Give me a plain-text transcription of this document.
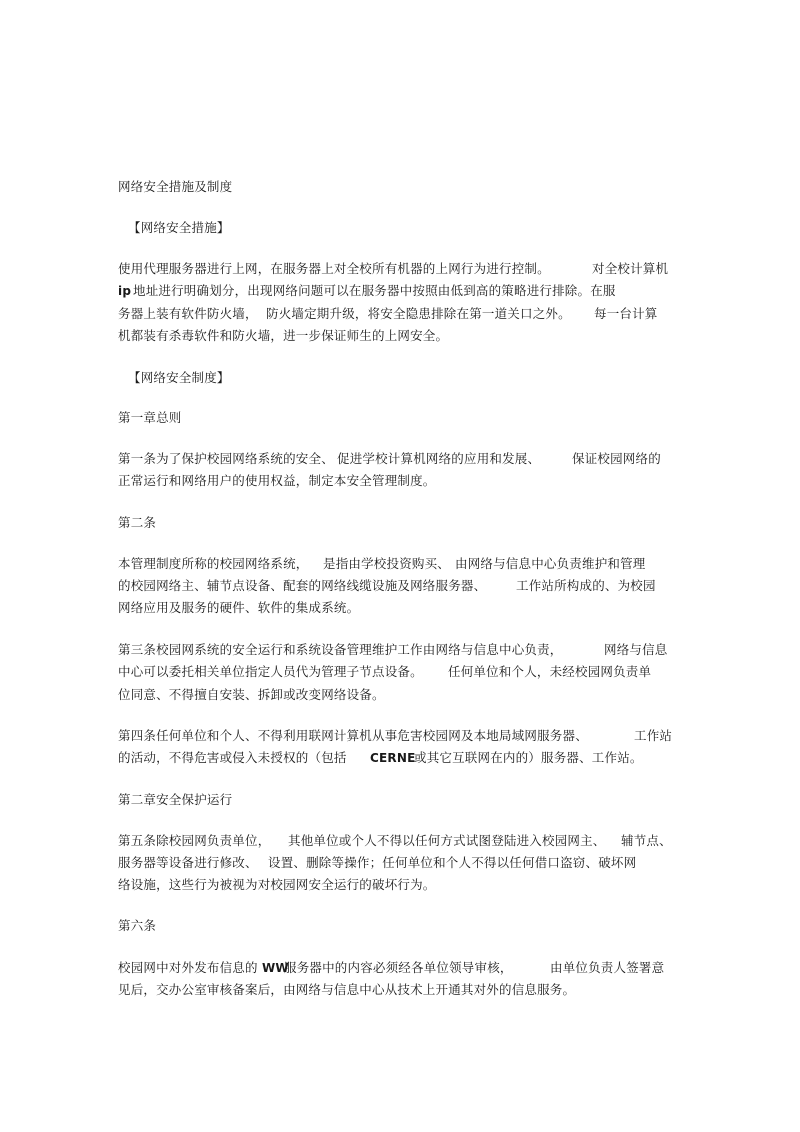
网络安全措施及制度
【网络安全措施】
使用代理服务器进行上网，在服务器上对全校所有机器的上网行为进行控制。	对全校计算机
ip 地址进行明确划分，出现网络问题可以在服务器中按照由低到高的策略进行排除。在服
务器上装有软件防火墙， 防火墙定期升级，将安全隐患排除在第一道关口之外。 每一台计算
机都装有杀毒软件和防火墙，进一步保证师生的上网安全。
【网络安全制度】
第一章总则
第一条为了保护校园网络系统的安全、 促进学校计算机网络的应用和发展、	保证校园网络的
正常运行和网络用户的使用权益，制定本安全管理制度。
第二条
本管理制度所称的校园网络系统， 是指由学校投资购买、 由网络与信息中心负责维护和管理
的校园网络主、辅节点设备、配套的网络线缆设施及网络服务器、 工作站所构成的、为校园
网络应用及服务的硬件、软件的集成系统。
第三条校园网系统的安全运行和系统设备管理维护工作由网络与信息中心负责，	网络与信息
中心可以委托相关单位指定人员代为管理子节点设备。 任何单位和个人，未经校园网负责单
位同意、不得擅自安装、拆卸或改变网络设备。
第四条任何单位和个人、不得利用联网计算机从事危害校园网及本地局域网服务器、	工作站
的活动，不得危害或侵入未授权的（包括 CERNE
或其它互联网在内的）服务器、工作站。
第二章安全保护运行
第五条除校园网负责单位， 其他单位或个人不得以任何方式试图登陆进入校园网主、 辅节点、
服务器等设备进行修改、 设置、删除等操作；任何单位和个人不得以任何借口盗窃、破坏网
络设施，这些行为被视为对校园网安全运行的破坏行为。
第六条
校园网中对外发布信息的 WW
服务器中的内容必须经各单位领导审核，	由单位负责人签署意
见后，交办公室审核备案后，由网络与信息中心从技术上开通其对外的信息服务。
